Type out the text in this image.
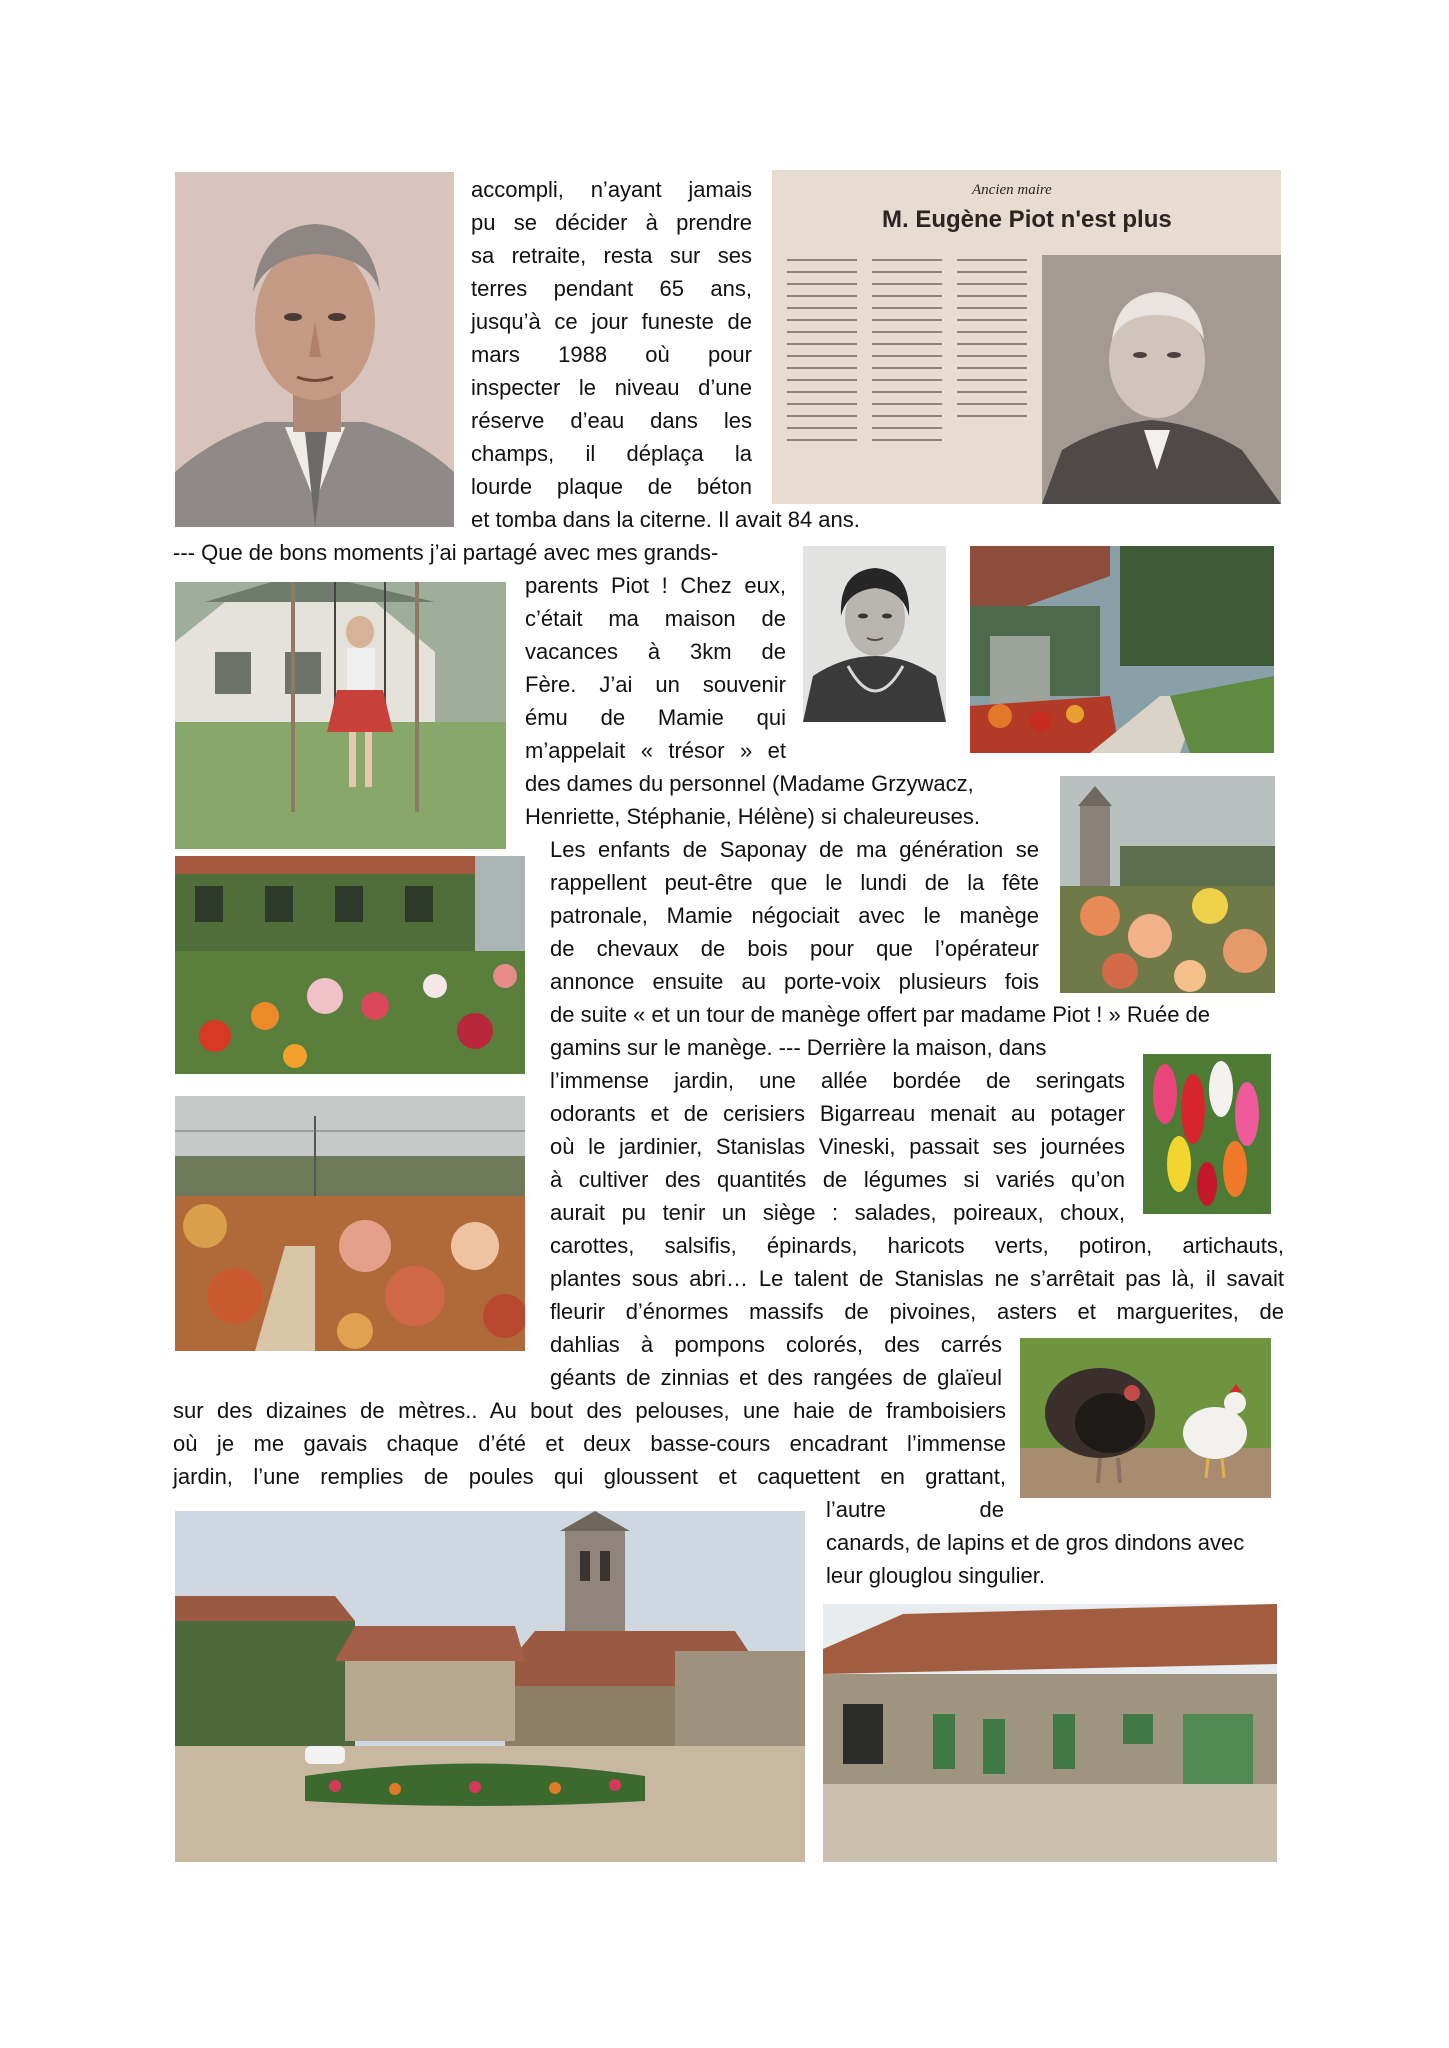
Ancien maire
M. Eugène Piot n'est plus
accompli, n’ayant jamais
pu se décider à prendre
sa retraite, resta sur ses
terres pendant 65 ans,
jusqu’à ce jour funeste de
mars 1988 où pour
inspecter le niveau d’une
réserve d’eau dans les
champs, il déplaça la
lourde plaque de béton
et tomba dans la citerne. Il avait 84 ans.
--- Que de bons moments j’ai partagé avec mes grands-
parents Piot ! Chez eux,
c’était ma maison de
vacances à 3km de
Fère. J’ai un souvenir
ému de Mamie qui
m’appelait « trésor » et
des dames du personnel (Madame Grzywacz,
Henriette, Stéphanie, Hélène) si chaleureuses.
Les enfants de Saponay de ma génération se
rappellent peut-être que le lundi de la fête
patronale, Mamie négociait avec le manège
de chevaux de bois pour que l’opérateur
annonce ensuite au porte-voix plusieurs fois
de suite « et un tour de manège offert par madame Piot ! » Ruée de
gamins sur le manège. --- Derrière la maison, dans
l’immense jardin, une allée bordée de seringats
odorants et de cerisiers Bigarreau menait au potager
où le jardinier, Stanislas Vineski, passait ses journées
à cultiver des quantités de légumes si variés qu’on
aurait pu tenir un siège : salades, poireaux, choux,
carottes, salsifis, épinards, haricots verts, potiron, artichauts,
plantes sous abri… Le talent de Stanislas ne s’arrêtait pas là, il savait
fleurir d’énormes massifs de pivoines, asters et marguerites, de
dahlias à pompons colorés, des carrés
géants de zinnias et des rangées de glaïeul
sur des dizaines de mètres.. Au bout des pelouses, une haie de framboisiers
où je me gavais chaque d’été et deux basse-cours encadrant l’immense
jardin, l’une remplies de poules qui gloussent et caquettent en grattant,
l’autre de
canards, de lapins et de gros dindons avec
leur glouglou singulier.
